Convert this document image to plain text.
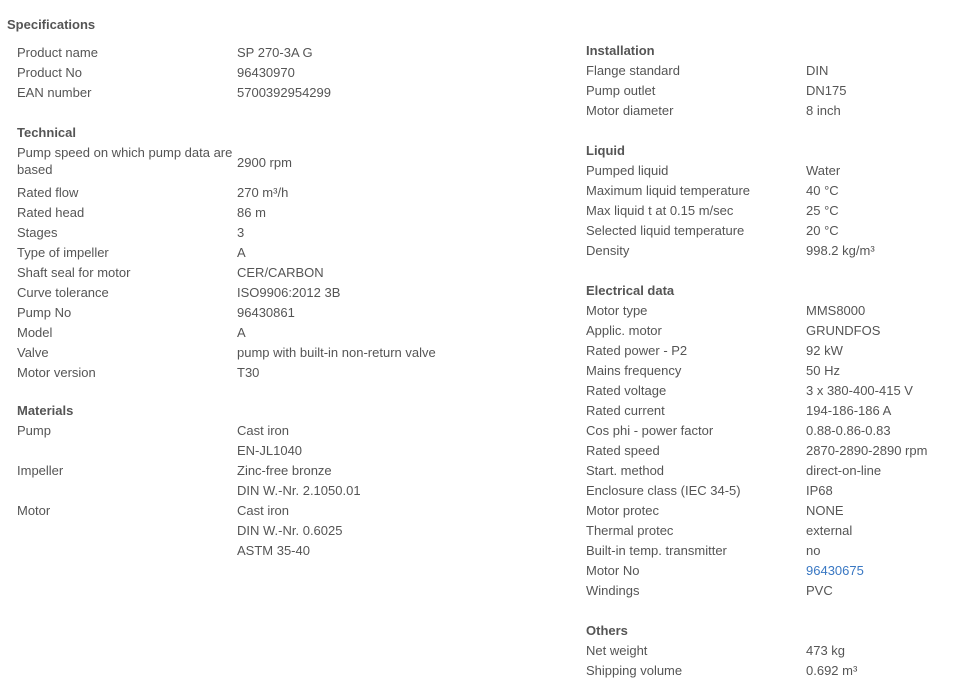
Specifications
Product name	SP 270-3A G
Product No	96430970
EAN number	5700392954299
Technical
Pump speed on which pump data are based	2900 rpm
Rated flow	270 m³/h
Rated head	86 m
Stages	3
Type of impeller	A
Shaft seal for motor	CER/CARBON
Curve tolerance	ISO9906:2012 3B
Pump No	96430861
Model	A
Valve	pump with built-in non-return valve
Motor version	T30
Materials
Pump	Cast iron
EN-JL1040
Impeller	Zinc-free bronze
DIN W.-Nr. 2.1050.01
Motor	Cast iron
DIN W.-Nr. 0.6025
ASTM 35-40
Installation
Flange standard	DIN
Pump outlet	DN175
Motor diameter	8 inch
Liquid
Pumped liquid	Water
Maximum liquid temperature	40 °C
Max liquid t at 0.15 m/sec	25 °C
Selected liquid temperature	20 °C
Density	998.2 kg/m³
Electrical data
Motor type	MMS8000
Applic. motor	GRUNDFOS
Rated power - P2	92 kW
Mains frequency	50 Hz
Rated voltage	3 x 380-400-415 V
Rated current	194-186-186 A
Cos phi - power factor	0.88-0.86-0.83
Rated speed	2870-2890-2890 rpm
Start. method	direct-on-line
Enclosure class (IEC 34-5)	IP68
Motor protec	NONE
Thermal protec	external
Built-in temp. transmitter	no
Motor No	96430675
Windings	PVC
Others
Net weight	473 kg
Shipping volume	0.692 m³
